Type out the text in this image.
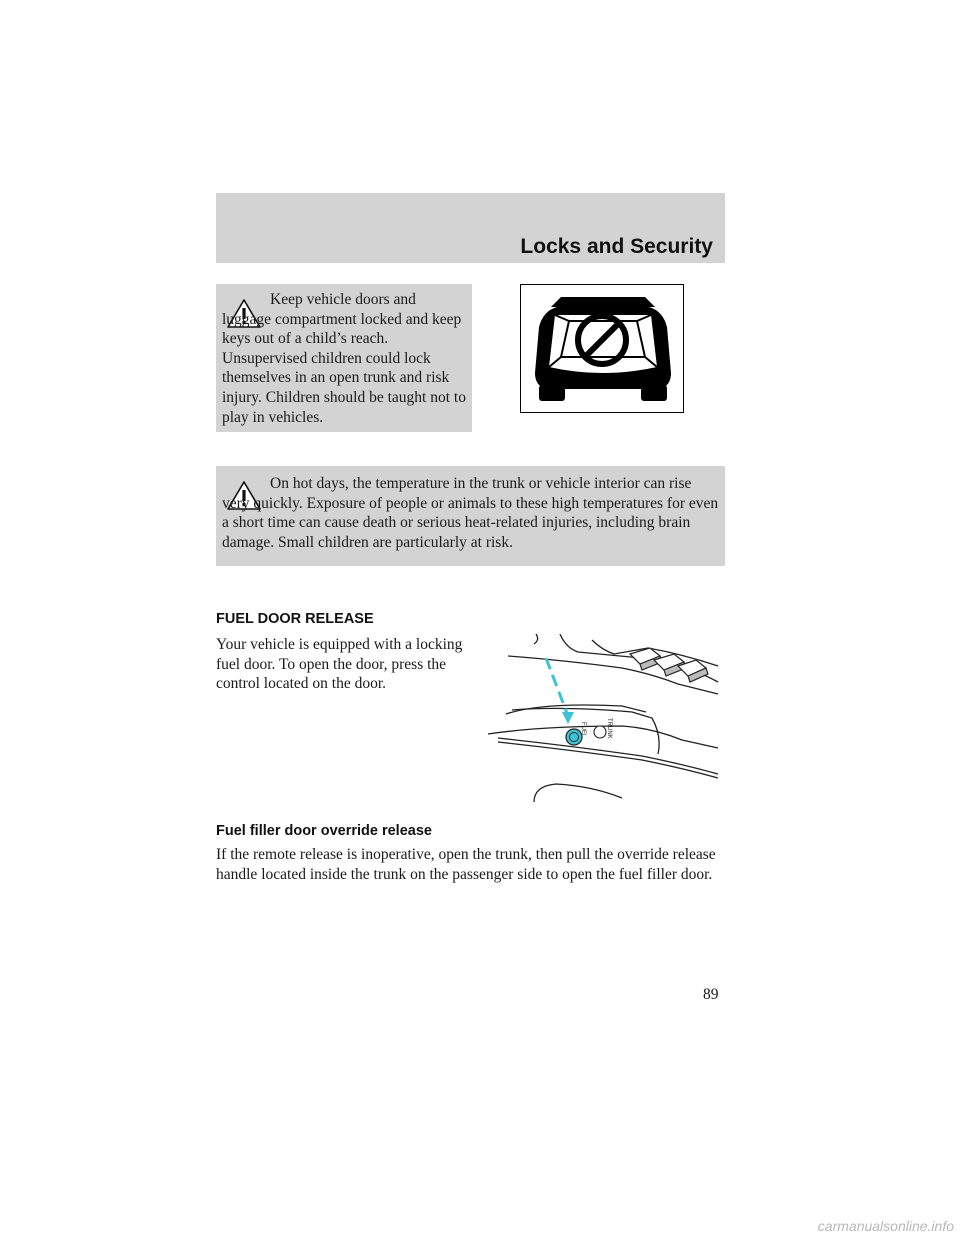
Locks and Security
Keep vehicle doors and luggage compartment locked and keep keys out of a child’s reach. Unsupervised children could lock themselves in an open trunk and risk injury. Children should be taught not to play in vehicles.
On hot days, the temperature in the trunk or vehicle interior can rise very quickly. Exposure of people or animals to these high temperatures for even a short time can cause death or serious heat-related injuries, including brain damage. Small children are particularly at risk.
FUEL DOOR RELEASE
Your vehicle is equipped with a locking fuel door. To open the door, press the control located on the door.
FUEL	TRUNK
Fuel filler door override release
If the remote release is inoperative, open the trunk, then pull the override release handle located inside the trunk on the passenger side to open the fuel filler door.
89
carmanualsonline.info
